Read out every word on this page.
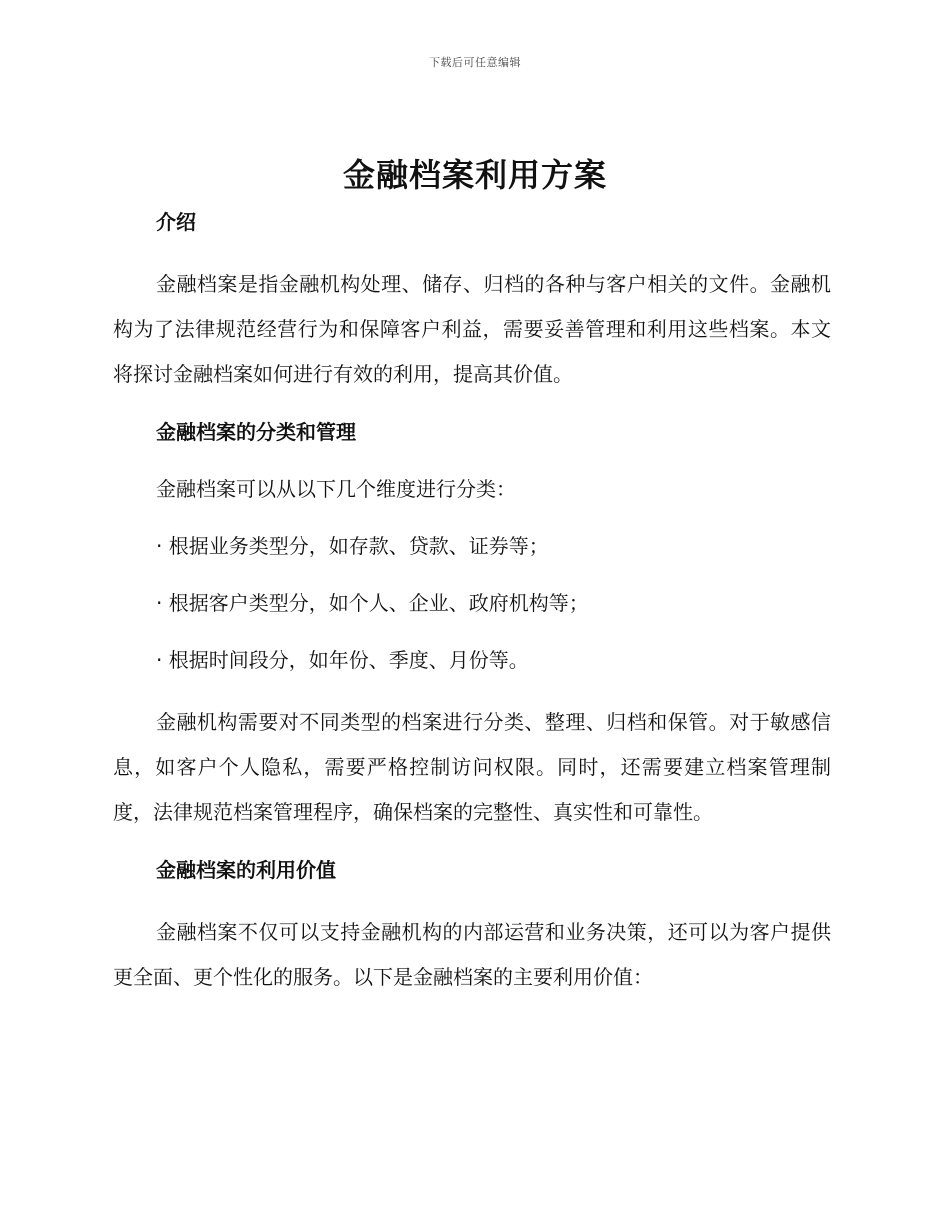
下载后可任意编辑
金融档案利用方案
介绍

金融档案是指金融机构处理、储存、归档的各种与客户相关的文件。金融机构为了法律规范经营行为和保障客户利益，需要妥善管理和利用这些档案。本文将探讨金融档案如何进行有效的利用，提高其价值。

金融档案的分类和管理

金融档案可以从以下几个维度进行分类：

· 根据业务类型分，如存款、贷款、证券等；

· 根据客户类型分，如个人、企业、政府机构等；

· 根据时间段分，如年份、季度、月份等。

金融机构需要对不同类型的档案进行分类、整理、归档和保管。对于敏感信息，如客户个人隐私，需要严格控制访问权限。同时，还需要建立档案管理制度，法律规范档案管理程序，确保档案的完整性、真实性和可靠性。

金融档案的利用价值

金融档案不仅可以支持金融机构的内部运营和业务决策，还可以为客户提供更全面、更个性化的服务。以下是金融档案的主要利用价值：
